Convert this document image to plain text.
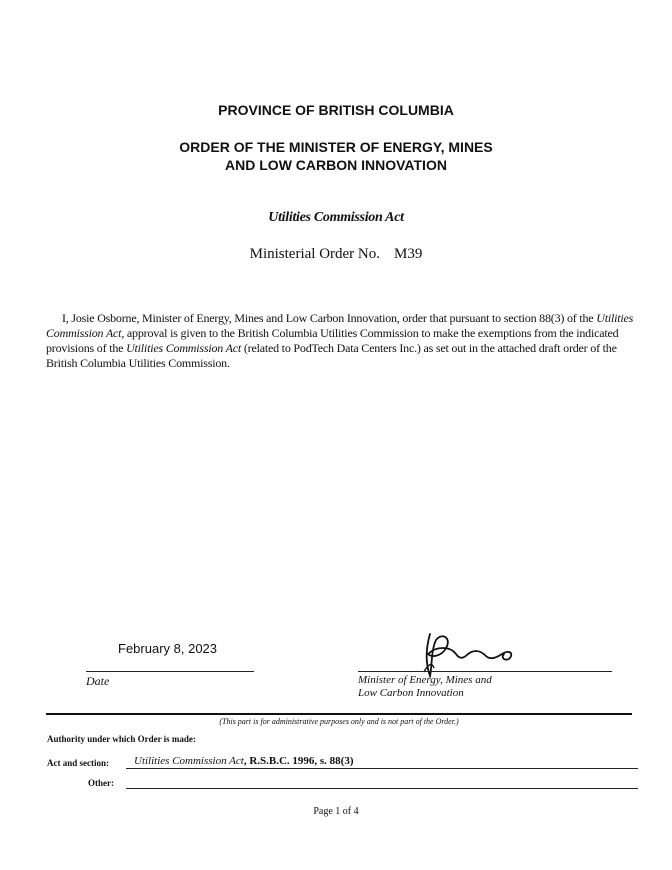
PROVINCE OF BRITISH COLUMBIA
ORDER OF THE MINISTER OF ENERGY, MINES
AND LOW CARBON INNOVATION
Utilities Commission Act
Ministerial Order No. M39
I, Josie Osborne, Minister of Energy, Mines and Low Carbon Innovation, order that pursuant to section 88(3) of the Utilities Commission Act, approval is given to the British Columbia Utilities Commission to make the exemptions from the indicated provisions of the Utilities Commission Act (related to PodTech Data Centers Inc.) as set out in the attached draft order of the British Columbia Utilities Commission.
February 8, 2023
Date	Minister of Energy, Mines and
Low Carbon Innovation
(This part is for administrative purposes only and is not part of the Order.)
Authority under which Order is made:
Act and section: Utilities Commission Act, R.S.B.C. 1996, s. 88(3)
Other:
Page 1 of 4
